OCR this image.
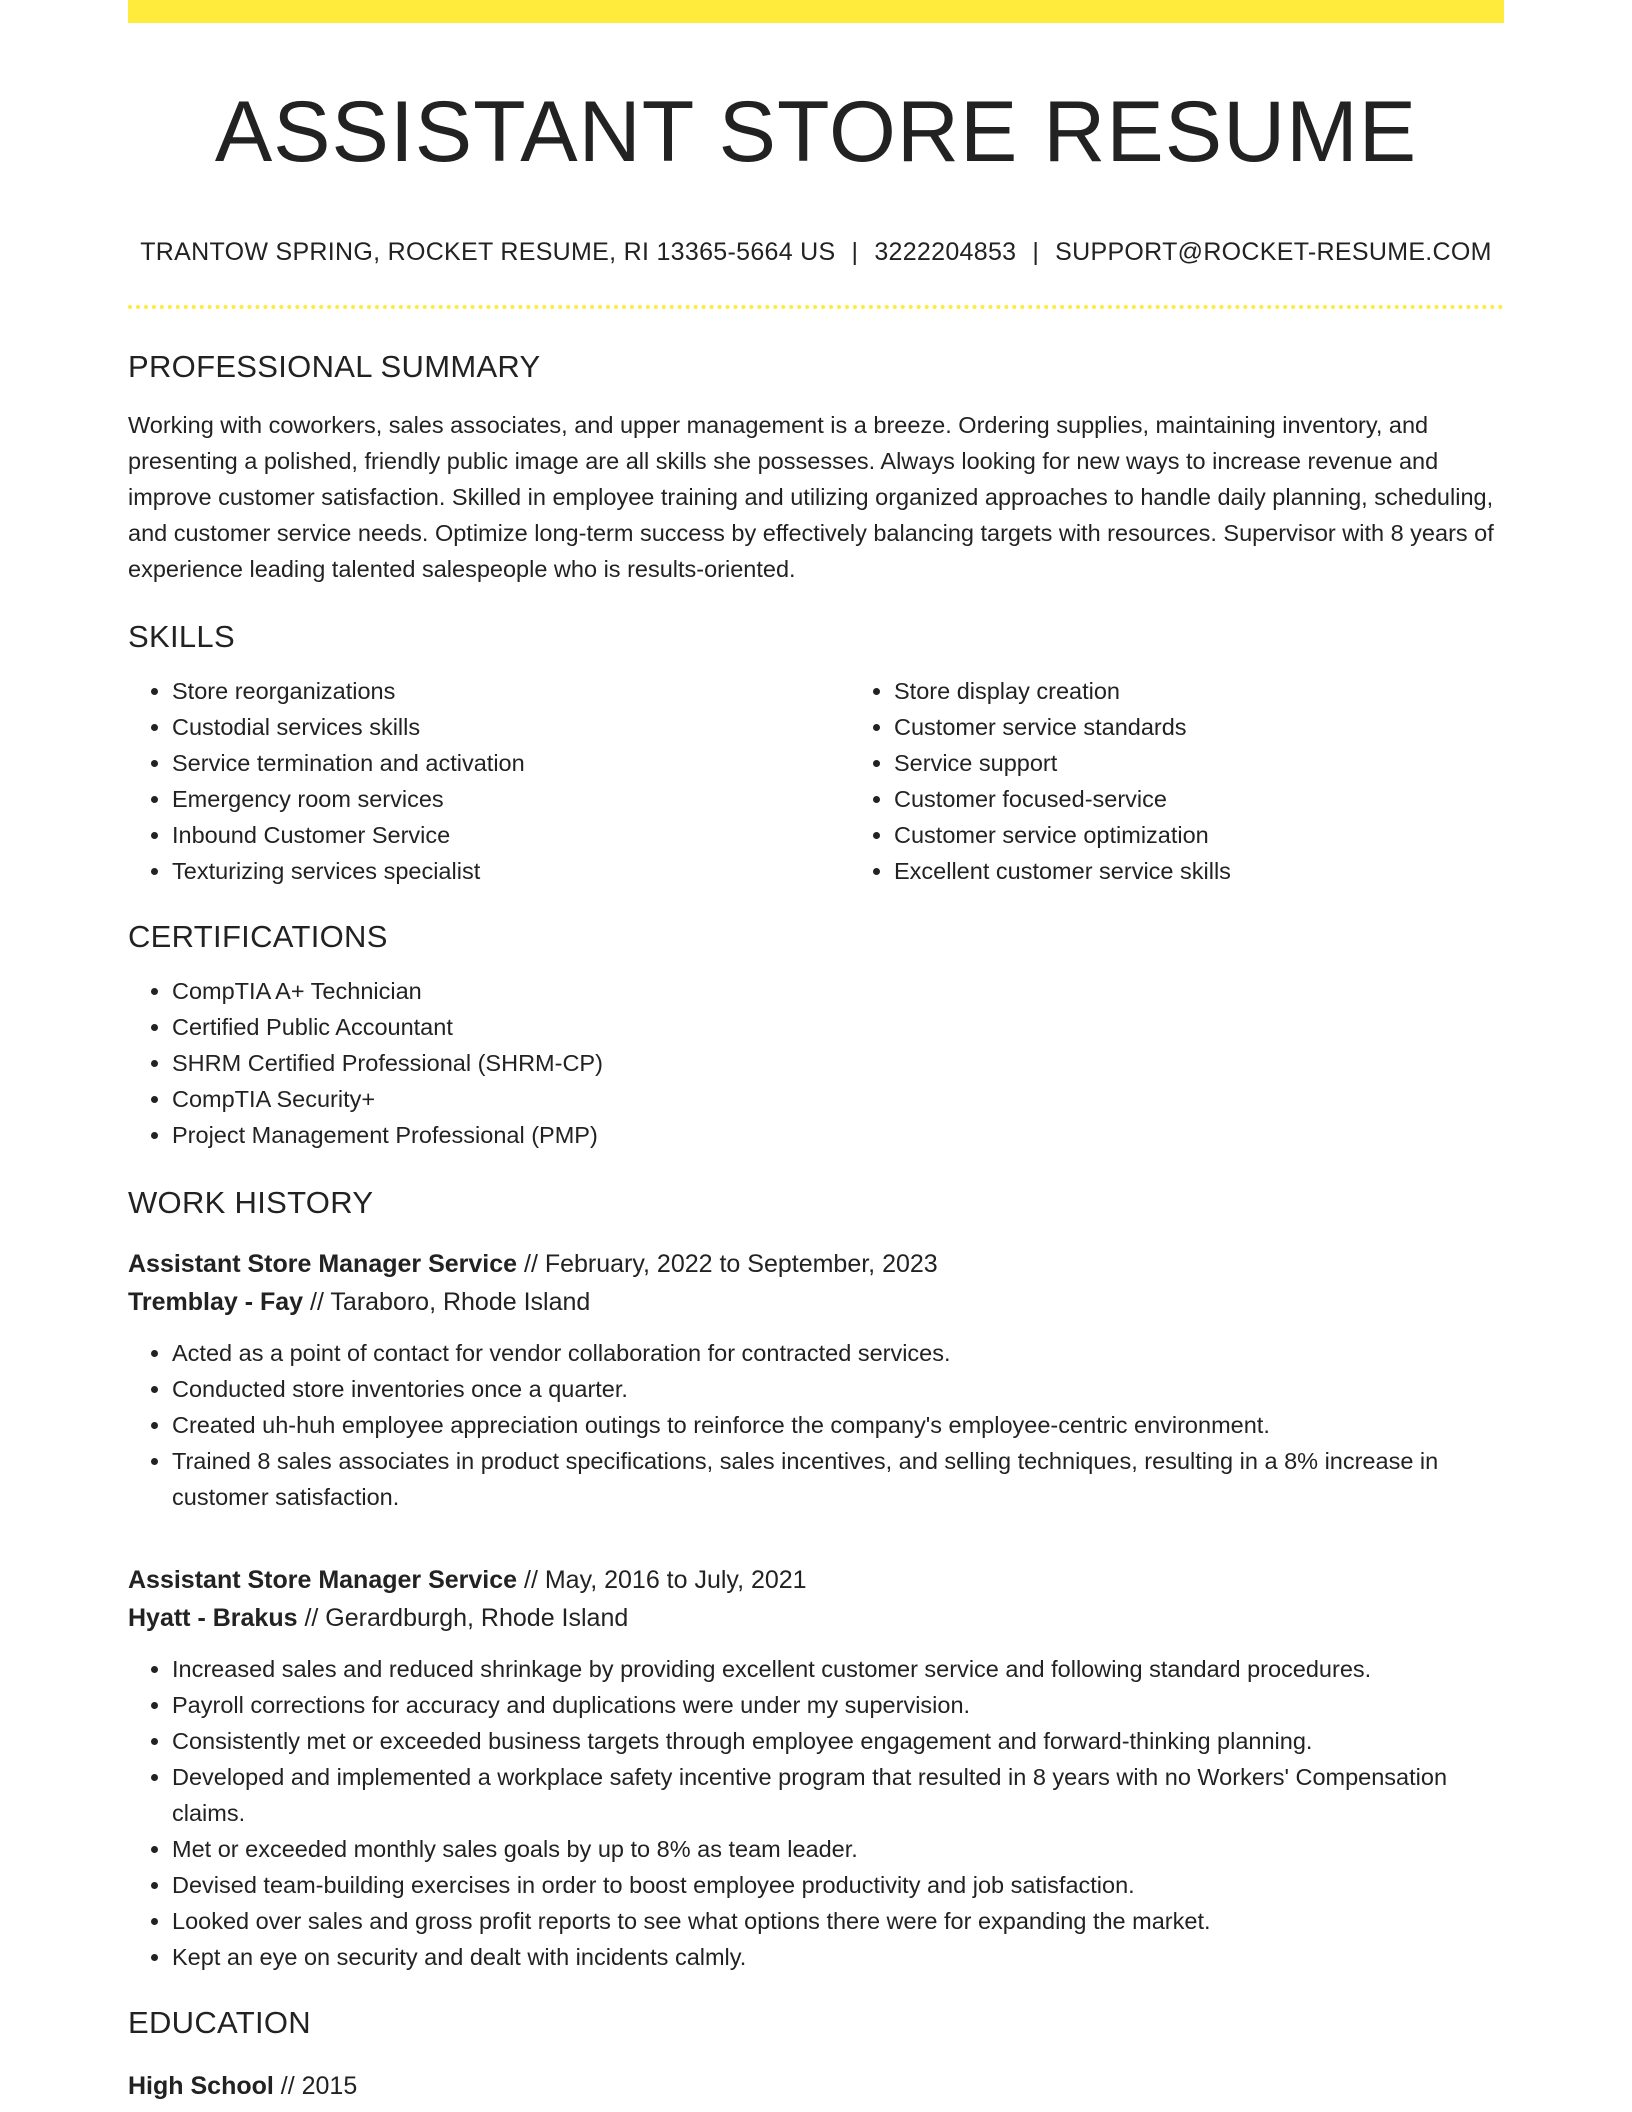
ASSISTANT STORE RESUME
TRANTOW SPRING, ROCKET RESUME, RI 13365-5664 US | 3222204853 | SUPPORT@ROCKET-RESUME.COM
PROFESSIONAL SUMMARY

Working with coworkers, sales associates, and upper management is a breeze. Ordering supplies, maintaining inventory, and presenting a polished, friendly public image are all skills she possesses. Always looking for new ways to increase revenue and improve customer satisfaction. Skilled in employee training and utilizing organized approaches to handle daily planning, scheduling, and customer service needs. Optimize long-term success by effectively balancing targets with resources. Supervisor with 8 years of experience leading talented salespeople who is results-oriented.

SKILLS
• Store reorganizations
• Custodial services skills
• Service termination and activation
• Emergency room services
• Inbound Customer Service
• Texturizing services specialist
• Store display creation
• Customer service standards
• Service support
• Customer focused-service
• Customer service optimization
• Excellent customer service skills
CERTIFICATIONS
• CompTIA A+ Technician
• Certified Public Accountant
• SHRM Certified Professional (SHRM-CP)
• CompTIA Security+
• Project Management Professional (PMP)
WORK HISTORY
Assistant Store Manager Service // February, 2022 to September, 2023
Tremblay - Fay // Taraboro, Rhode Island
• Acted as a point of contact for vendor collaboration for contracted services.
• Conducted store inventories once a quarter.
• Created uh-huh employee appreciation outings to reinforce the company's employee-centric environment.
• Trained 8 sales associates in product specifications, sales incentives, and selling techniques, resulting in a 8% increase in customer satisfaction.
Assistant Store Manager Service // May, 2016 to July, 2021
Hyatt - Brakus // Gerardburgh, Rhode Island
• Increased sales and reduced shrinkage by providing excellent customer service and following standard procedures.
• Payroll corrections for accuracy and duplications were under my supervision.
• Consistently met or exceeded business targets through employee engagement and forward-thinking planning.
• Developed and implemented a workplace safety incentive program that resulted in 8 years with no Workers' Compensation claims.
• Met or exceeded monthly sales goals by up to 8% as team leader.
• Devised team-building exercises in order to boost employee productivity and job satisfaction.
• Looked over sales and gross profit reports to see what options there were for expanding the market.
• Kept an eye on security and dealt with incidents calmly.
EDUCATION
High School // 2015
